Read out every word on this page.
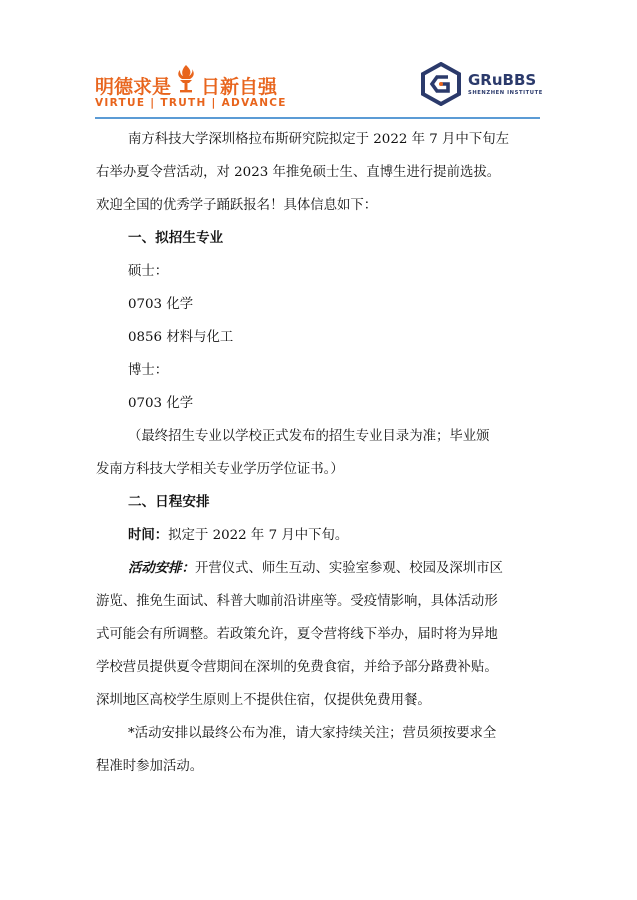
明德求是 日新自强
VIRTUE | TRUTH | ADVANCE
GRuBBS
SHENZHEN INSTITUTE

南方科技大学深圳格拉布斯研究院拟定于 2022 年 7 月中下旬左
右举办夏令营活动，对 2023 年推免硕士生、直博生进行提前选拔。
欢迎全国的优秀学子踊跃报名！具体信息如下：

一、拟招生专业

硕士：

0703 化学

0856 材料与化工

博士：

0703 化学

（最终招生专业以学校正式发布的招生专业目录为准；毕业颁
发南方科技大学相关专业学历学位证书。）

二、日程安排

时间：拟定于 2022 年 7 月中下旬。

活动安排：开营仪式、师生互动、实验室参观、校园及深圳市区
游览、推免生面试、科普大咖前沿讲座等。受疫情影响，具体活动形
式可能会有所调整。若政策允许，夏令营将线下举办，届时将为异地
学校营员提供夏令营期间在深圳的免费食宿，并给予部分路费补贴。
深圳地区高校学生原则上不提供住宿，仅提供免费用餐。

*活动安排以最终公布为准，请大家持续关注；营员须按要求全
程准时参加活动。
